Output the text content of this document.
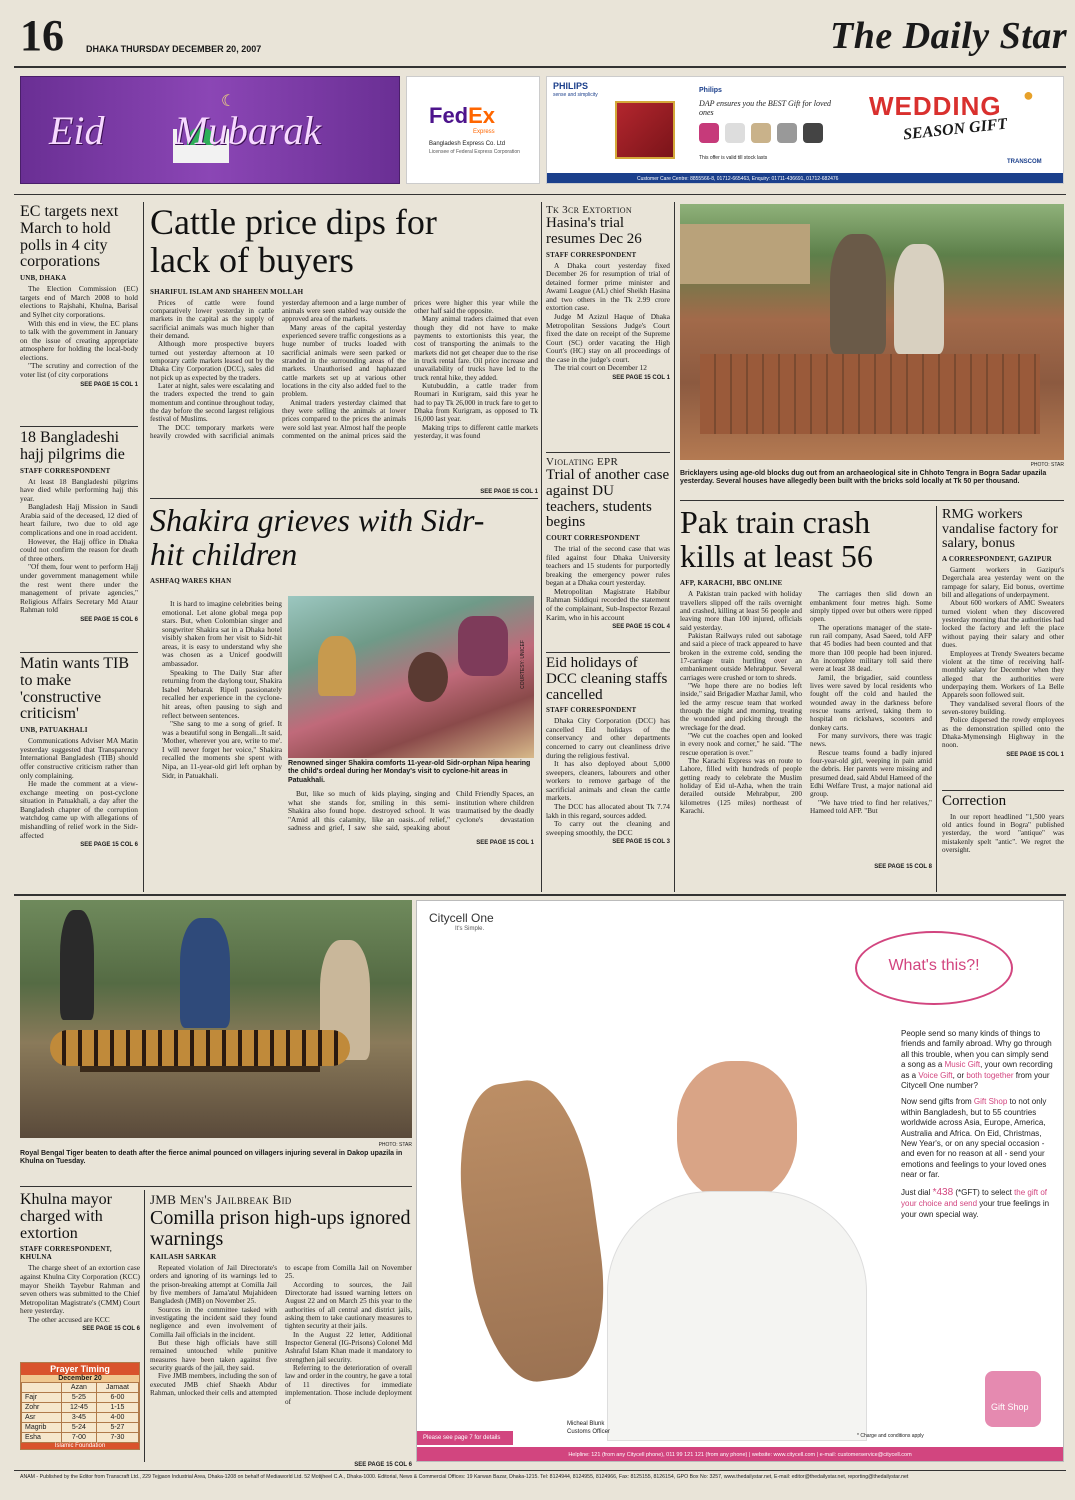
16 DHAKA THURSDAY DECEMBER 20, 2007	The Daily Star
☾
Eid Mubarak	FedEx
Express
Bangladesh Express Co. Ltd
Licensee of Federal Express Corporation
PHILIPS
sense and simplicity
Philips
DAP ensures you the BEST Gift for loved ones
This offer is valid till stock lasts
WEDDING
SEASON GIFT
●
TRANSCOM
Customer Care Centre: 8855566-8, 01712-665463, Enquiry: 01711-436691, 01712-682476
EC targets next March to hold polls in 4 city corporations
UNB, DHAKA

The Election Commission (EC) targets end of March 2008 to hold elections to Rajshahi, Khulna, Barisal and Sylhet city corporations.

With this end in view, the EC plans to talk with the government in January on the issue of creating appropriate atmosphere for holding the local-body elections.

"The scrutiny and correction of the voter list (of city corporations

SEE PAGE 15 COL 1
18 Bangladeshi hajj pilgrims die
STAFF CORRESPONDENT

At least 18 Bangladeshi pilgrims have died while performing hajj this year.

Bangladesh Hajj Mission in Saudi Arabia said of the deceased, 12 died of heart failure, two due to old age complications and one in road accident.

However, the Hajj office in Dhaka could not confirm the reason for death of three others.

"Of them, four went to perform Hajj under government management while the rest went there under the management of private agencies," Religious Affairs Secretary Md Ataur Rahman told

SEE PAGE 15 COL 6
Matin wants TIB to make 'constructive criticism'
UNB, PATUAKHALI

Communications Adviser MA Matin yesterday suggested that Transparency International Bangladesh (TIB) should offer constructive criticism rather than only complaining.

He made the comment at a view-exchange meeting on post-cyclone situation in Patuakhali, a day after the Bangladesh chapter of the corruption watchdog came up with allegations of mishandling of relief work in the Sidr-affected

SEE PAGE 15 COL 6
Cattle price dips for lack of buyers
SHARIFUL ISLAM AND SHAHEEN MOLLAH

Prices of cattle were found comparatively lower yesterday in cattle markets in the capital as the supply of sacrificial animals was much higher than their demand.

Although more prospective buyers turned out yesterday afternoon at 10 temporary cattle markets leased out by the Dhaka City Corporation (DCC), sales did not pick up as expected by the traders.

Later at night, sales were escalating and the traders expected the trend to gain momentum and continue throughout today, the day before the second largest religious festival of Muslims.

The DCC temporary markets were heavily crowded with sacrificial animals yesterday afternoon and a large number of animals were seen stabled way outside the approved area of the markets.

Many areas of the capital yesterday experienced severe traffic congestions as a huge number of trucks loaded with sacrificial animals were seen parked or stranded in the surrounding areas of the markets. Unauthorised and haphazard cattle markets set up at various other locations in the city also added fuel to the problem.

Animal traders yesterday claimed that they were selling the animals at lower prices compared to the prices the animals were sold last year. Almost half the people commented on the animal prices said the prices were higher this year while the other half said the opposite.

Many animal traders claimed that even though they did not have to make payments to extortionists this year, the cost of transporting the animals to the markets did not get cheaper due to the rise in truck rental fare. Oil price increase and unavailability of trucks have led to the truck rental hike, they added.

Kutubuddin, a cattle trader from Roumari in Kurigram, said this year he had to pay Tk 26,000 in truck fare to get to Dhaka from Kurigram, as opposed to Tk 16,000 last year.

Making trips to different cattle markets yesterday, it was found

SEE PAGE 15 COL 1
Shakira grieves with Sidr-hit children
ASHFAQ WARES KHAN

It is hard to imagine celebrities being emotional. Let alone global mega pop stars. But, when Colombian singer and songwriter Shakira sat in a Dhaka hotel visibly shaken from her visit to Sidr-hit areas, it is easy to understand why she was chosen as a Unicef goodwill ambassador.

Speaking to The Daily Star after returning from the daylong tour, Shakira Isabel Mebarak Ripoll passionately recalled her experience in the cyclone-hit areas, often pausing to sigh and reflect between sentences.

"She sang to me a song of grief. It was a beautiful song in Bengali...It said, 'Mother, wherever you are, write to me'. I will never forget her voice," Shakira recalled the moments she spent with Nipa, an 11-year-old girl left orphan by Sidr, in Patuakhali.

COURTESY: UNICEF
Renowned singer Shakira comforts 11-year-old Sidr-orphan Nipa hearing the child's ordeal during her Monday's visit to cyclone-hit areas in Patuakhali.

But, like so much of what she stands for, Shakira also found hope. "Amid all this calamity, sadness and grief, I saw kids playing, singing and smiling in this semi-destroyed school. It was like an oasis...of relief," she said, speaking about Child Friendly Spaces, an institution where children traumatised by the deadly cyclone's devastation

SEE PAGE 15 COL 1
Tk 3cr Extortion
Hasina's trial resumes Dec 26
STAFF CORRESPONDENT

A Dhaka court yesterday fixed December 26 for resumption of trial of detained former prime minister and Awami League (AL) chief Sheikh Hasina and two others in the Tk 2.99 crore extortion case.

Judge M Azizul Haque of Dhaka Metropolitan Sessions Judge's Court fixed the date on receipt of the Supreme Court (SC) order vacating the High Court's (HC) stay on all proceedings of the case in the judge's court.

The trial court on December 12

SEE PAGE 15 COL 1
Violating EPR
Trial of another case against DU teachers, students begins
COURT CORRESPONDENT

The trial of the second case that was filed against four Dhaka University teachers and 15 students for purportedly breaking the emergency power rules began at a Dhaka court yesterday.

Metropolitan Magistrate Habibur Rahman Siddiqui recorded the statement of the complainant, Sub-Inspector Rezaul Karim, who in his account

SEE PAGE 15 COL 4
Eid holidays of DCC cleaning staffs cancelled
STAFF CORRESPONDENT

Dhaka City Corporation (DCC) has cancelled Eid holidays of the conservancy and other departments concerned to carry out cleanliness drive during the religious festival.

It has also deployed about 5,000 sweepers, cleaners, labourers and other workers to remove garbage of the sacrificial animals and clean the cattle markets.

The DCC has allocated about Tk 7.74 lakh in this regard, sources added.

To carry out the cleaning and sweeping smoothly, the DCC

SEE PAGE 15 COL 3
PHOTO: STAR
Bricklayers using age-old blocks dug out from an archaeological site in Chhoto Tengra in Bogra Sadar upazila yesterday. Several houses have allegedly been built with the bricks sold locally at Tk 50 per thousand.
Pak train crash kills at least 56
AFP, KARACHI, BBC ONLINE

A Pakistan train packed with holiday travellers slipped off the rails overnight and crashed, killing at least 56 people and leaving more than 100 injured, officials said yesterday.

Pakistan Railways ruled out sabotage and said a piece of track appeared to have broken in the extreme cold, sending the 17-carriage train hurtling over an embankment outside Mehrabpur. Several carriages were crushed or torn to shreds.

"We hope there are no bodies left inside," said Brigadier Mazhar Jamil, who led the army rescue team that worked through the night and morning, treating the wounded and picking through the wreckage for the dead.

"We cut the coaches open and looked in every nook and corner," he said. "The rescue operation is over."

The Karachi Express was en route to Lahore, filled with hundreds of people getting ready to celebrate the Muslim holiday of Eid ul-Azha, when the train derailed outside Mehrabpur, 200 kilometres (125 miles) northeast of Karachi.

The carriages then slid down an embankment four metres high. Some simply tipped over but others were ripped open.

The operations manager of the state-run rail company, Asad Saeed, told AFP that 45 bodies had been counted and that more than 100 people had been injured. An incomplete military toll said there were at least 38 dead.

Jamil, the brigadier, said countless lives were saved by local residents who fought off the cold and hauled the wounded away in the darkness before rescue teams arrived, taking them to hospital on rickshaws, scooters and donkey carts.

For many survivors, there was tragic news.

Rescue teams found a badly injured four-year-old girl, weeping in pain amid the debris. Her parents were missing and presumed dead, said Abdul Hameed of the Edhi Welfare Trust, a major national aid group.

"We have tried to find her relatives," Hameed told AFP. "But

SEE PAGE 15 COL 8
RMG workers vandalise factory for salary, bonus
A CORRESPONDENT, GAZIPUR

Garment workers in Gazipur's Degerchala area yesterday went on the rampage for salary, Eid bonus, overtime bill and allegations of underpayment.

About 600 workers of AMC Sweaters turned violent when they discovered yesterday morning that the authorities had locked the factory and left the place without paying their salary and other dues.

Employees at Trendy Sweaters became violent at the time of receiving half-monthly salary for December when they alleged that the authorities were underpaying them. Workers of La Belle Apparels soon followed suit.

They vandalised several floors of the seven-storey building.

Police dispersed the rowdy employees as the demonstration spilled onto the Dhaka-Mymensingh Highway in the noon.

SEE PAGE 15 COL 1
Correction
In our report headlined "1,500 years old antics found in Bogra" published yesterday, the word "antique" was mistakenly spelt "antic". We regret the oversight.
PHOTO: STAR
Royal Bengal Tiger beaten to death after the fierce animal pounced on villagers injuring several in Dakop upazila in Khulna on Tuesday.
Khulna mayor charged with extortion
STAFF CORRESPONDENT, KHULNA

The charge sheet of an extortion case against Khulna City Corporation (KCC) mayor Sheikh Tayebur Rahman and seven others was submitted to the Chief Metropolitan Magistrate's (CMM) Court here yesterday.

The other accused are KCC

SEE PAGE 15 COL 6
Prayer Timing
December 20
	Azan	Jamaat
Fajr	5-25	6-00
Zohr	12-45	1-15
Asr	3-45	4-00
Magrib	5-24	5-27
Esha	7-00	7-30
Islamic Foundation
JMB Men's Jailbreak Bid
Comilla prison high-ups ignored warnings
KAILASH SARKAR

Repeated violation of Jail Directorate's orders and ignoring of its warnings led to the prison-breaking attempt at Comilla Jail by five members of Jama'atul Mujahideen Bangladesh (JMB) on November 25.

Sources in the committee tasked with investigating the incident said they found negligence and even involvement of Comilla Jail officials in the incident.

But these high officials have still remained untouched while punitive measures have been taken against five security guards of the jail, they said.

Five JMB members, including the son of executed JMB chief Shaekh Abdur Rahman, unlocked their cells and attempted to escape from Comilla Jail on November 25.

According to sources, the Jail Directorate had issued warning letters on August 22 and on March 25 this year to the authorities of all central and district jails, asking them to take cautionary measures to tighten security at their jails.

In the August 22 letter, Additional Inspector General (IG-Prisons) Colonel Md Ashraful Islam Khan made it mandatory to strengthen jail security.

Referring to the deterioration of overall law and order in the country, he gave a total of 11 directives for immediate implementation. Those include deployment of

SEE PAGE 15 COL 6
Citycell One
It's Simple.
What's this?!

People send so many kinds of things to friends and family abroad. Why go through all this trouble, when you can simply send a song as a Music Gift, your own recording as a Voice Gift, or both together from your Citycell One number?

Now send gifts from Gift Shop to not only within Bangladesh, but to 55 countries worldwide across Asia, Europe, America, Australia and Africa. On Eid, Christmas, New Year's, or on any special occasion - and even for no reason at all - send your emotions and feelings to your loved ones near or far.

Just dial *438 (*GFT) to select the gift of your choice and send your true feelings in your own special way.

Micheal Blunk
Customs Officer
Please see page 7 for details	* Charge and conditions apply
Gift Shop
Helpline: 121 (from any Citycell phone), 011 99 121 121 (from any phone) | website: www.citycell.com | e-mail: customerservice@citycell.com
ANAM - Published by the Editor from Transcraft Ltd., 229 Tejgaon Industrial Area, Dhaka-1208 on behalf of Mediaworld Ltd. 52 Motijheel C.A., Dhaka-1000. Editorial, News & Commercial Offices: 19 Karwan Bazar, Dhaka-1215. Tel: 8124944, 8124955, 8124966, Fax: 8125155, 8126154, GPO Box No: 3257, www.thedailystar.net, E-mail: editor@thedailystar.net, reporting@thedailystar.net
